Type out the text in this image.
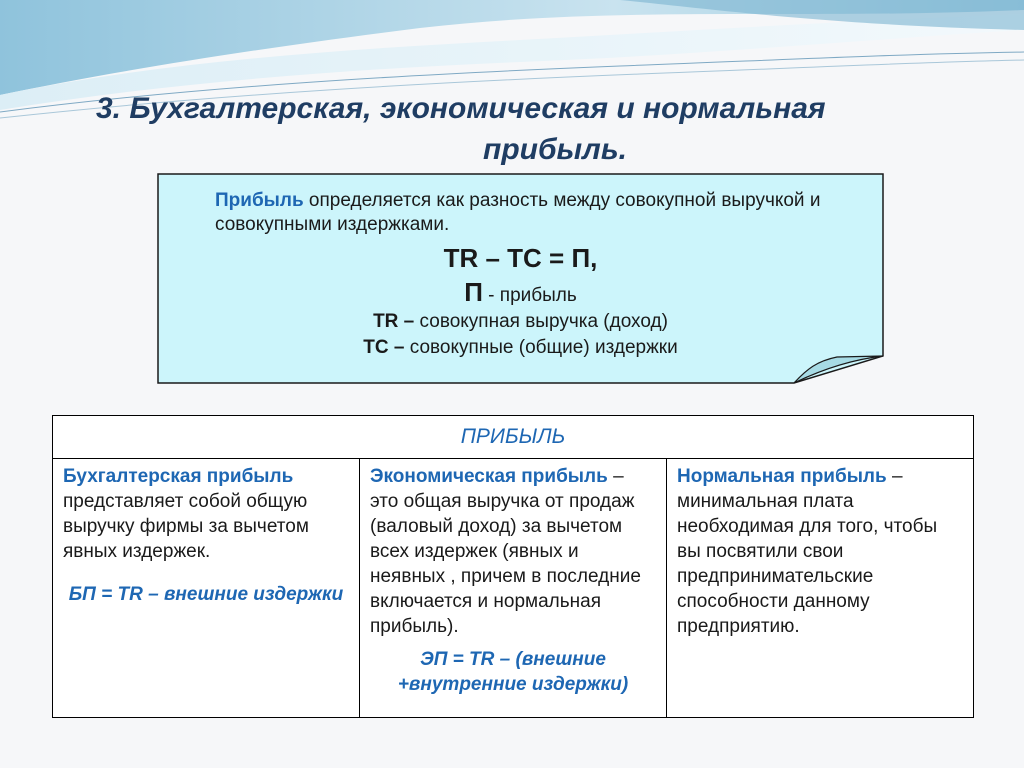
3. Бухгалтерская, экономическая и нормальная
прибыль.
Прибыль определяется как разность между совокупной выручкой и совокупными издержками.
TR – TC = П,
П - прибыль
TR – совокупная выручка (доход)
TC – совокупные (общие) издержки
ПРИБЫЛЬ
Бухгалтерская прибыль представляет собой общую выручку фирмы за вычетом явных издержек.
БП = TR – внешние издержки
Экономическая прибыль – это общая выручка от продаж (валовый доход) за вычетом всех издержек (явных и неявных , причем в последние включается и нормальная прибыль).
ЭП = TR – (внешние +внутренние издержки)
Нормальная прибыль – минимальная плата необходимая для того, чтобы вы посвятили свои предпринимательские способности данному предприятию.
